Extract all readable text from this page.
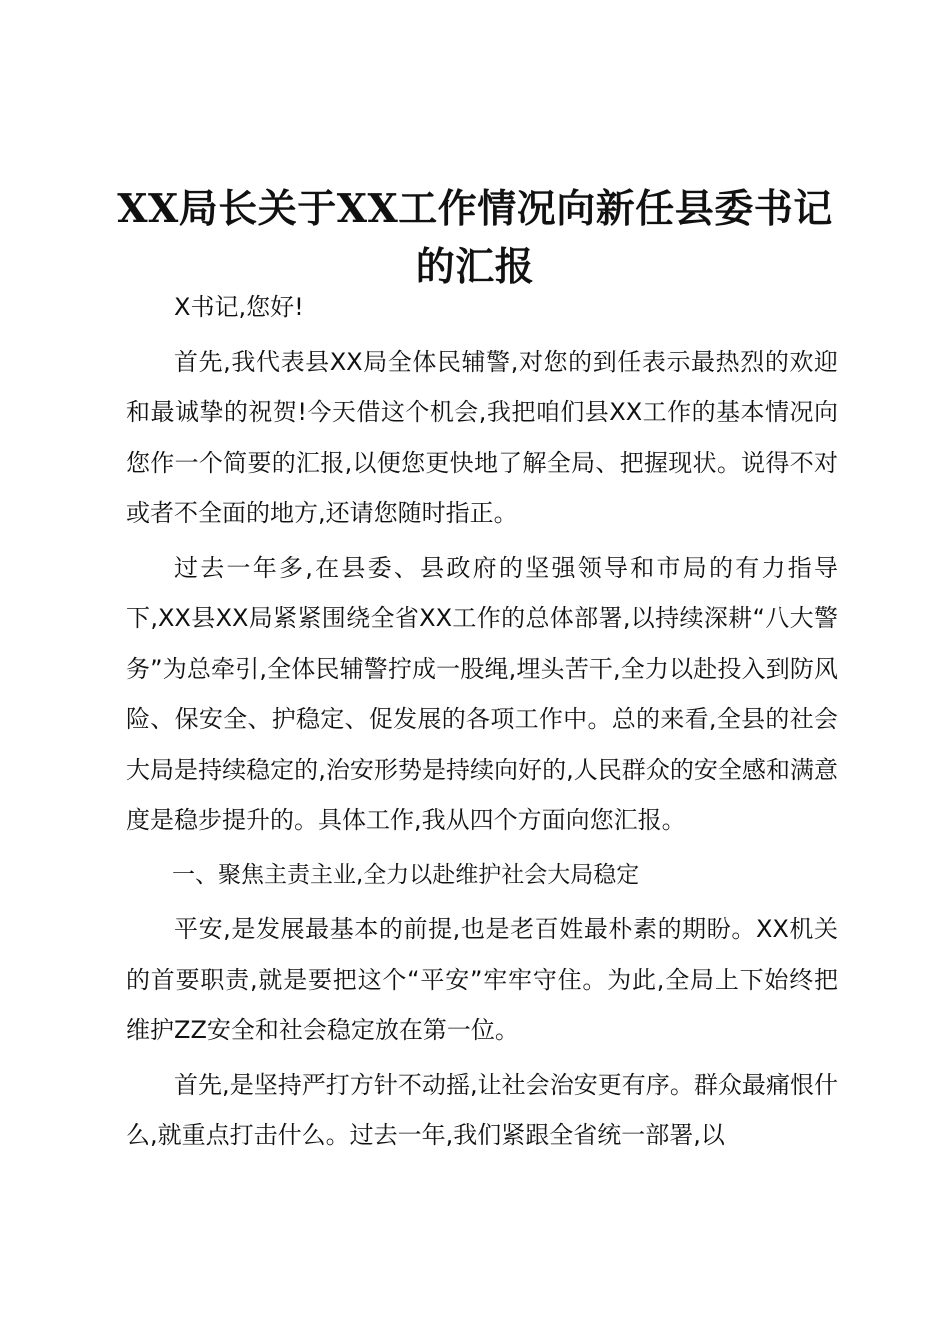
XX局长关于XX工作情况向新任县委书记的汇报

X书记,您好!

首先,我代表县XX局全体民辅警,对您的到任表示最热烈的欢迎和最诚挚的祝贺!今天借这个机会,我把咱们县XX工作的基本情况向您作一个简要的汇报,以便您更快地了解全局、把握现状。说得不对或者不全面的地方,还请您随时指正。

过去一年多,在县委、县政府的坚强领导和市局的有力指导下,XX县XX局紧紧围绕全省XX工作的总体部署,以持续深耕“八大警务”为总牵引,全体民辅警拧成一股绳,埋头苦干,全力以赴投入到防风险、保安全、护稳定、促发展的各项工作中。总的来看,全县的社会大局是持续稳定的,治安形势是持续向好的,人民群众的安全感和满意度是稳步提升的。具体工作,我从四个方面向您汇报。

一、聚焦主责主业,全力以赴维护社会大局稳定

平安,是发展最基本的前提,也是老百姓最朴素的期盼。XX机关的首要职责,就是要把这个“平安”牢牢守住。为此,全局上下始终把维护ZZ安全和社会稳定放在第一位。

首先,是坚持严打方针不动摇,让社会治安更有序。群众最痛恨什么,就重点打击什么。过去一年,我们紧跟全省统一部署,以
